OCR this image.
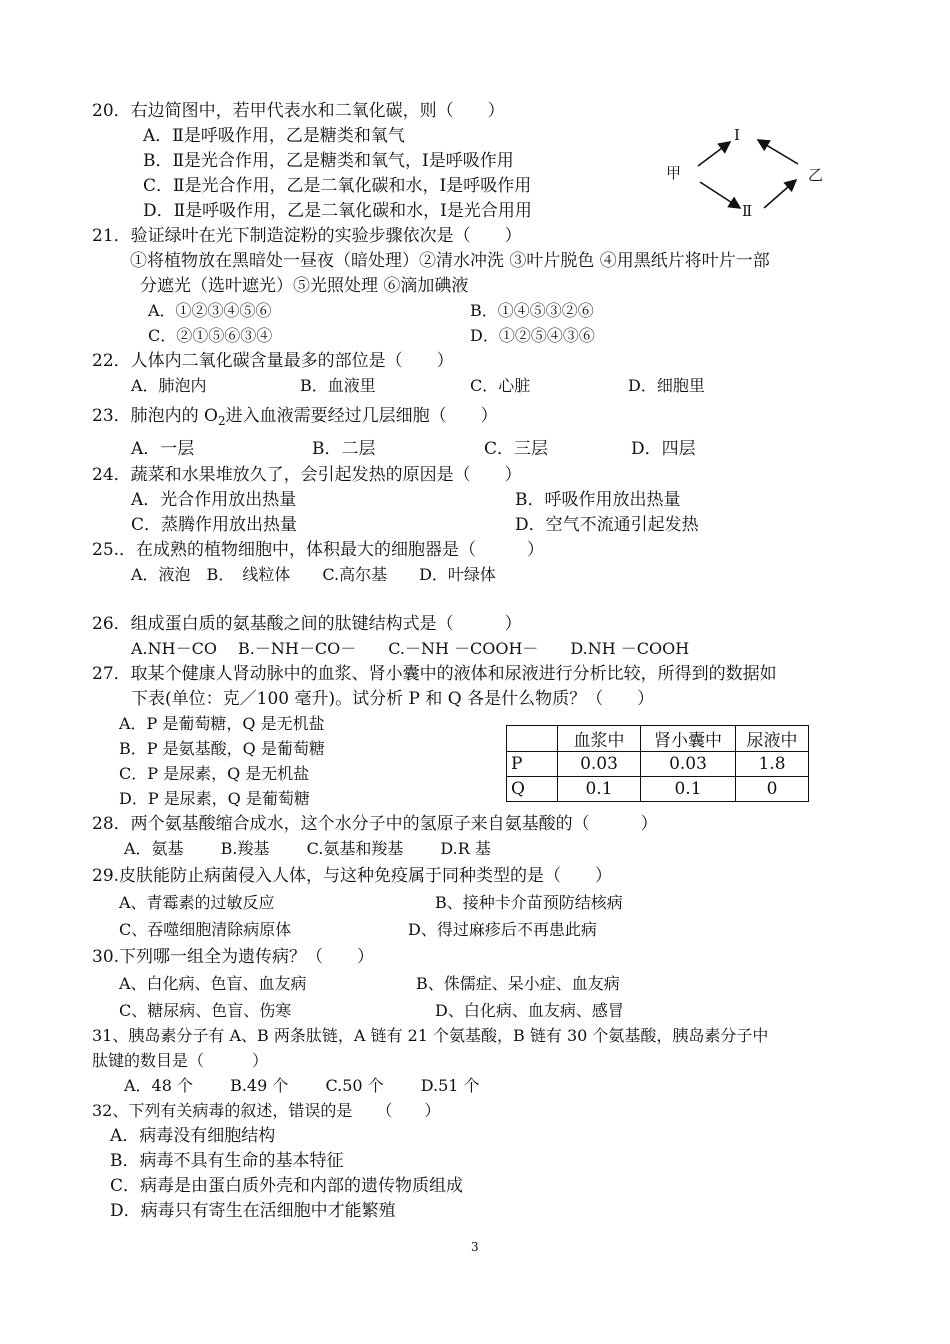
20．右边简图中，若甲代表水和二氧化碳，则（　　）
A．Ⅱ是呼吸作用，乙是糖类和氧气
B．Ⅱ是光合作用，乙是糖类和氧气，Ⅰ是呼吸作用
C．Ⅱ是光合作用，乙是二氧化碳和水，Ⅰ是呼吸作用
D．Ⅱ是呼吸作用，乙是二氧化碳和水，Ⅰ是光合用用
Ⅰ
甲	乙
Ⅱ
21．验证绿叶在光下制造淀粉的实验步骤依次是（　　）
①将植物放在黑暗处一昼夜（暗处理）②清水冲洗 ③叶片脱色 ④用黑纸片将叶片一部
分遮光（选叶遮光）⑤光照处理 ⑥滴加碘液
A．①②③④⑤⑥	B．①④⑤③②⑥
C．②①⑤⑥③④	D．①②⑤④③⑥
22．人体内二氧化碳含量最多的部位是（　　）
A．肺泡内	B．血液里	C．心脏	D．细胞里
23．肺泡内的 $O_2$进入血液需要经过几层细胞（　　）
A．一层	B．二层	C．三层	D．四层
24．蔬菜和水果堆放久了，会引起发热的原因是（　　）
A．光合作用放出热量	B．呼吸作用放出热量
C．蒸腾作用放出热量	D．空气不流通引起发热
25.．在成熟的植物细胞中，体积最大的细胞器是（　　　）
A．液泡　B．　线粒体　　C.高尔基　　D．叶绿体
26．组成蛋白质的氨基酸之间的肽键结构式是（　　　）
A.NH－CO　 B.－NH－CO－　　C.－NH －COOH－　　D.NH －COOH
27．取某个健康人肾动脉中的血浆、肾小囊中的液体和尿液进行分析比较，所得到的数据如
下表(单位：克／100 毫升)。试分析 P 和 Q 各是什么物质？（　　）
A．P 是葡萄糖，Q 是无机盐
B．P 是氨基酸，Q 是葡萄糖
C．P 是尿素，Q 是无机盐
D．P 是尿素，Q 是葡萄糖
	血浆中	肾小囊中	尿液中
P	0.03	0.03	1.8
Q	0.1	0.1	0
28．两个氨基酸缩合成水，这个水分子中的氢原子来自氨基酸的（　　　）
A．氨基　　 B.羧基　　 C.氨基和羧基　　 D.R 基
29.皮肤能防止病菌侵入人体，与这种免疫属于同种类型的是（　　）
A、青霉素的过敏反应	B、接种卡介苗预防结核病
C、吞噬细胞清除病原体	D、得过麻疹后不再患此病
30.下列哪一组全为遗传病？（　　）
A、白化病、色盲、血友病	B、侏儒症、呆小症、血友病
C、糖尿病、色盲、伤寒	D、白化病、血友病、感冒
31、胰岛素分子有 A、B 两条肽链，A 链有 21 个氨基酸，B 链有 30 个氨基酸，胰岛素分子中
肽键的数目是（　　　）
A．48 个　　 B.49 个　　 C.50 个　　 D.51 个
32、下列有关病毒的叙述，错误的是　　（　　）
A．病毒没有细胞结构
B．病毒不具有生命的基本特征
C．病毒是由蛋白质外壳和内部的遗传物质组成
D．病毒只有寄生在活细胞中才能繁殖
3
